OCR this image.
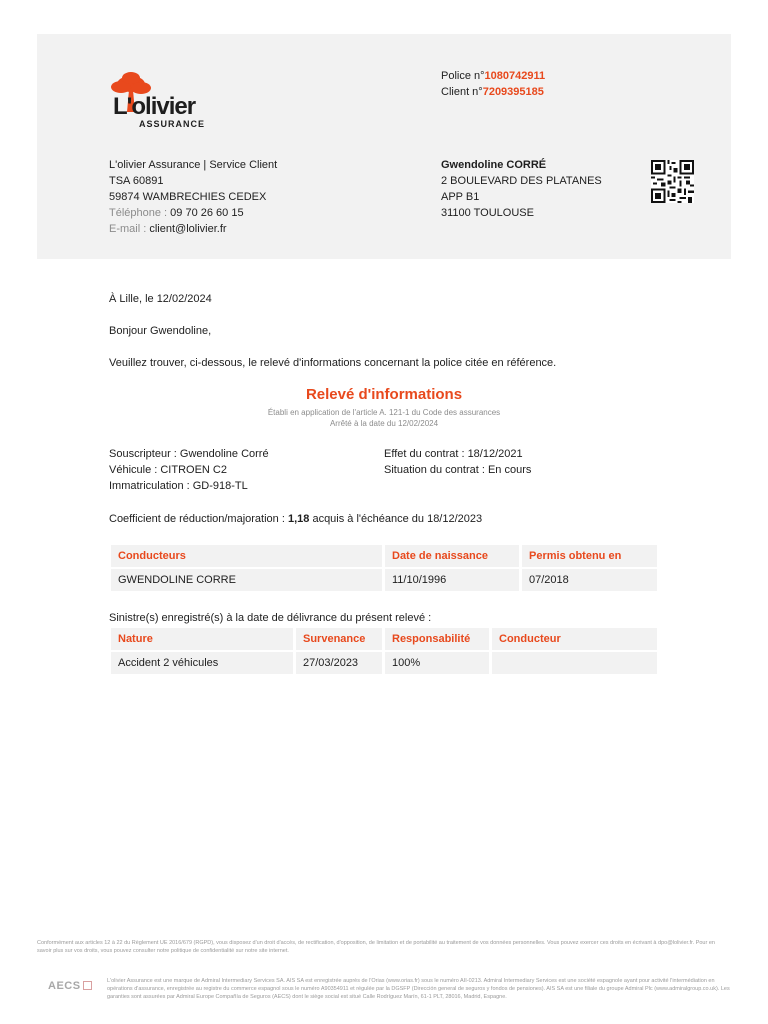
L'olivier
ASSURANCE
Police n°1080742911
Client n°7209395185
L'olivier Assurance | Service Client
TSA 60891
59874 WAMBRECHIES CEDEX
Téléphone : 09 70 26 60 15
E-mail : client@lolivier.fr
Gwendoline CORRÉ
2 BOULEVARD DES PLATANES
APP B1
31100 TOULOUSE
À Lille, le 12/02/2024
Bonjour Gwendoline,
Veuillez trouver, ci-dessous, le relevé d'informations concernant la police citée en référence.
Relevé d'informations
Établi en application de l'article A. 121-1 du Code des assurances
Arrêté à la date du 12/02/2024
Souscripteur : Gwendoline Corré
Véhicule : CITROEN C2
Immatriculation : GD-918-TL
Effet du contrat : 18/12/2021
Situation du contrat : En cours
Coefficient de réduction/majoration : 1,18 acquis à l'échéance du 18/12/2023
Conducteurs	Date de naissance	Permis obtenu en
GWENDOLINE CORRE	11/10/1996	07/2018
Sinistre(s) enregistré(s) à la date de délivrance du présent relevé :
Nature	Survenance	Responsabilité	Conducteur
Accident 2 véhicules	27/03/2023	100%	
Conformément aux articles 12 à 22 du Règlement UE 2016/679 (RGPD), vous disposez d'un droit d'accès, de rectification, d'opposition, de limitation et de portabilité au traitement de vos données personnelles. Vous pouvez exercer ces droits en écrivant à dpo@lolivier.fr. Pour en savoir plus sur vos droits, vous pouvez consulter notre politique de confidentialité sur notre site internet.
AECS	L'olivier Assurance est une marque de Admiral Intermediary Services SA. AIS SA est enregistrée auprès de l'Orias (www.orias.fr) sous le numéro AII-0213. Admiral Intermediary Services est une société espagnole ayant pour activité l'intermédiation en opérations d'assurance, enregistrée au registre du commerce espagnol sous le numéro A90354911 et régulée par la DGSFP (Dirección general de seguros y fondos de pensiones). AIS SA est une filiale du groupe Admiral Plc (www.admiralgroup.co.uk). Les garanties sont assurées par Admiral Europe Compañía de Seguros (AECS) dont le siège social est situé Calle Rodríguez Marín, 61-1 PLT, 28016, Madrid, Espagne.
